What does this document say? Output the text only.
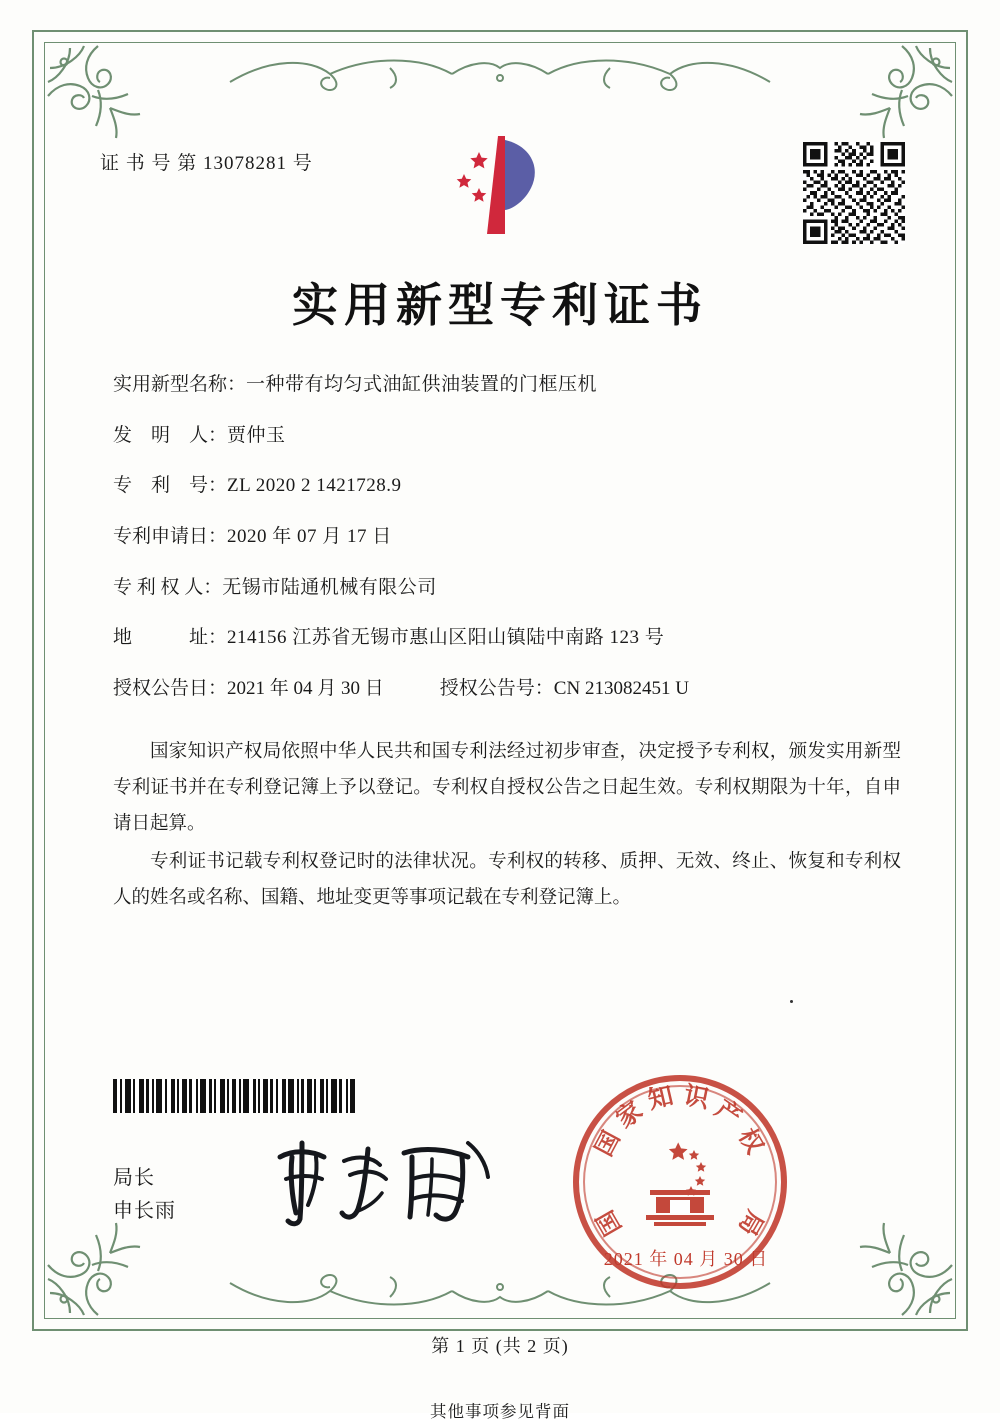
证 书 号 第 13078281 号
实用新型专利证书
实用新型名称： 一种带有均匀式油缸供油装置的门框压机
发　明　人： 贾仲玉
专　利　号： ZL 2020 2 1421728.9
专利申请日： 2020 年 07 月 17 日
专 利 权 人： 无锡市陆通机械有限公司
地　　　址： 214156 江苏省无锡市惠山区阳山镇陆中南路 123 号
授权公告日： 2021 年 04 月 30 日	授权公告号： CN 213082451 U

国家知识产权局依照中华人民共和国专利法经过初步审查，决定授予专利权，颁发实用新型专利证书并在专利登记簿上予以登记。专利权自授权公告之日起生效。专利权期限为十年，自申请日起算。

专利证书记载专利权登记时的法律状况。专利权的转移、质押、无效、终止、恢复和专利权人的姓名或名称、国籍、地址变更等事项记载在专利登记簿上。

局长
申长雨
国
家
知 识
产
权
局
国
2021 年 04 月 30 日
第 1 页 (共 2 页)
其他事项参见背面
